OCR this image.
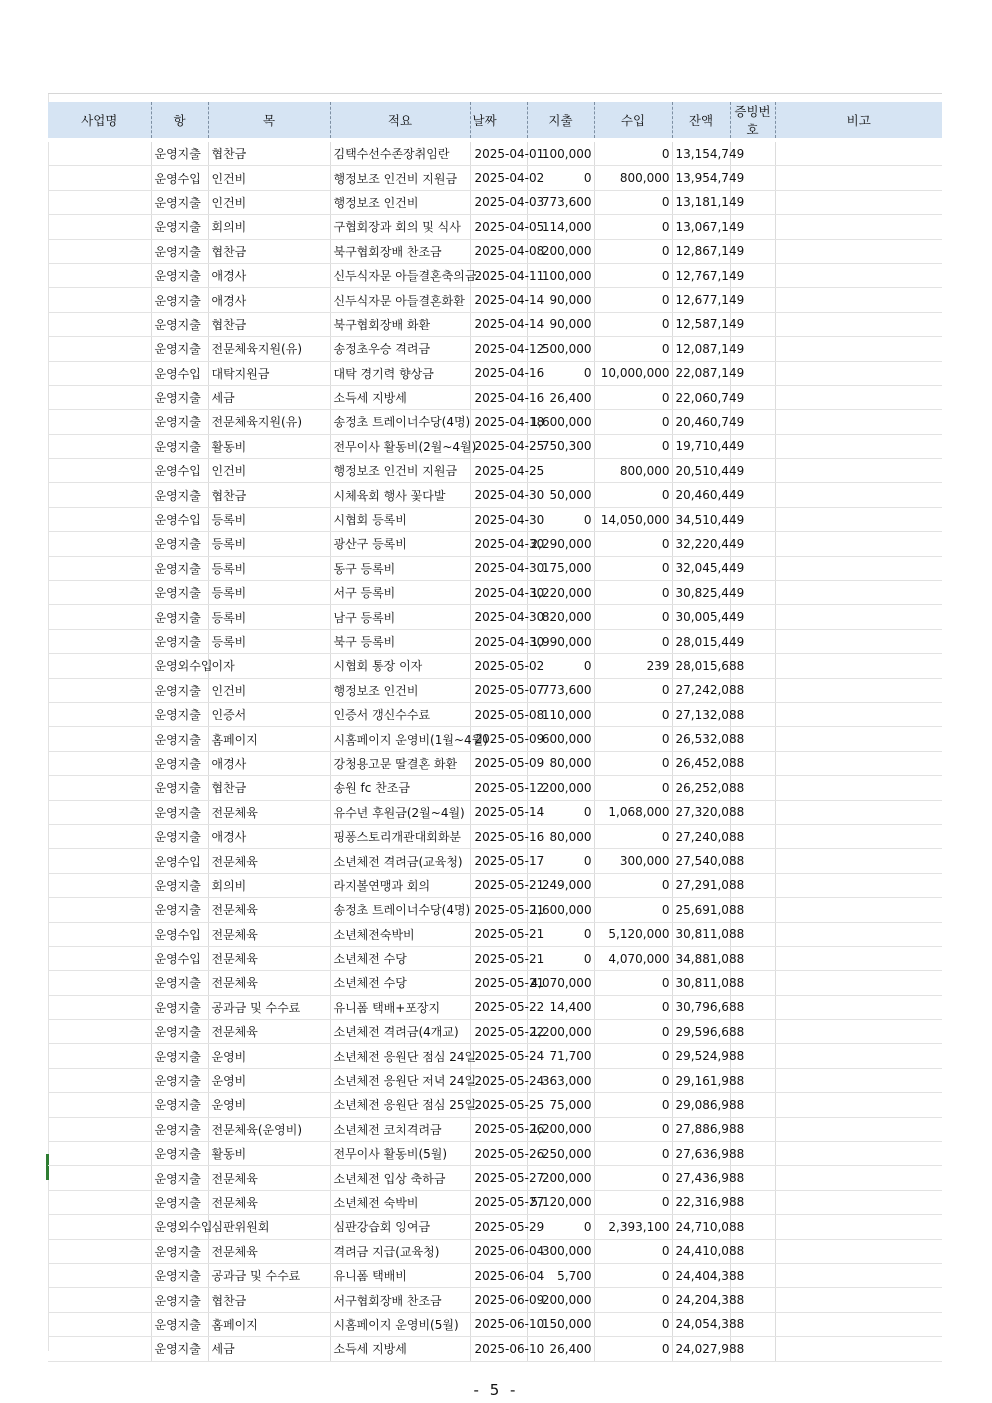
사업명	항	목	적요	날짜	지출	수입	잔액	증빙번호	비고
	운영지출	협찬금	김택수선수존장취임란	2025-04-01	100,000	0	13,154,749		
	운영수입	인건비	행정보조 인건비 지원금	2025-04-02	0	800,000	13,954,749		
	운영지출	인건비	행정보조 인건비	2025-04-03	773,600	0	13,181,149		
	운영지출	회의비	구협회장과 회의 및 식사	2025-04-05	114,000	0	13,067,149		
	운영지출	협찬금	북구협회장배 찬조금	2025-04-08	200,000	0	12,867,149		
	운영지출	애경사	신두식자문 아들결혼축의금	2025-04-11	100,000	0	12,767,149		
	운영지출	애경사	신두식자문 아들결혼화환	2025-04-14	90,000	0	12,677,149		
	운영지출	협찬금	북구협회장배 화환	2025-04-14	90,000	0	12,587,149		
	운영지출	전문체육지원(유)	송정초우승 격려금	2025-04-12	500,000	0	12,087,149		
	운영수입	대탁지원금	대탁 경기력 향상금	2025-04-16	0	10,000,000	22,087,149		
	운영지출	세금	소득세 지방세	2025-04-16	26,400	0	22,060,749		
	운영지출	전문체육지원(유)	송정초 트레이너수당(4명)	2025-04-18	1,600,000	0	20,460,749		
	운영지출	활동비	전무이사 활동비(2월~4월)	2025-04-25	750,300	0	19,710,449		
	운영수입	인건비	행정보조 인건비 지원금	2025-04-25		800,000	20,510,449		
	운영지출	협찬금	시체육회 행사 꽃다발	2025-04-30	50,000	0	20,460,449		
	운영수입	등록비	시협회 등록비	2025-04-30	0	14,050,000	34,510,449		
	운영지출	등록비	광산구 등록비	2025-04-30	2,290,000	0	32,220,449		
	운영지출	등록비	동구 등록비	2025-04-30	175,000	0	32,045,449		
	운영지출	등록비	서구 등록비	2025-04-30	1,220,000	0	30,825,449		
	운영지출	등록비	남구 등록비	2025-04-30	820,000	0	30,005,449		
	운영지출	등록비	북구 등록비	2025-04-30	1,990,000	0	28,015,449		
	운영외수입	이자	시협회 통장 이자	2025-05-02	0	239	28,015,688		
	운영지출	인건비	행정보조 인건비	2025-05-07	773,600	0	27,242,088		
	운영지출	인증서	인증서 갱신수수료	2025-05-08	110,000	0	27,132,088		
	운영지출	홈페이지	시홈페이지 운영비(1월~4월)	2025-05-09	600,000	0	26,532,088		
	운영지출	애경사	강청용고문 딸결혼 화환	2025-05-09	80,000	0	26,452,088		
	운영지출	협찬금	송원 fc 찬조금	2025-05-12	200,000	0	26,252,088		
	운영지출	전문체육	유수년 후원금(2월~4월)	2025-05-14	0	1,068,000	27,320,088		
	운영지출	애경사	핑퐁스토리개관대회화분	2025-05-16	80,000	0	27,240,088		
	운영수입	전문체육	소년체전 격려금(교육청)	2025-05-17	0	300,000	27,540,088		
	운영지출	회의비	라지볼연맹과 회의	2025-05-21	249,000	0	27,291,088		
	운영지출	전문체육	송정초 트레이너수당(4명)	2025-05-21	1,600,000	0	25,691,088		
	운영수입	전문체육	소년체전숙박비	2025-05-21	0	5,120,000	30,811,088		
	운영수입	전문체육	소년체전 수당	2025-05-21	0	4,070,000	34,881,088		
	운영지출	전문체육	소년체전 수당	2025-05-21	4,070,000	0	30,811,088		
	운영지출	공과금 및 수수료	유니폼 택배+포장지	2025-05-22	14,400	0	30,796,688		
	운영지출	전문체육	소년체전 격려금(4개교)	2025-05-22	1,200,000	0	29,596,688		
	운영지출	운영비	소년체전 응원단 점심 24일	2025-05-24	71,700	0	29,524,988		
	운영지출	운영비	소년체전 응원단 저녁 24일	2025-05-24	363,000	0	29,161,988		
	운영지출	운영비	소년체전 응원단 점심 25일	2025-05-25	75,000	0	29,086,988		
	운영지출	전문체육(운영비)	소년체전 코치격려금	2025-05-26	1,200,000	0	27,886,988		
	운영지출	활동비	전무이사 활동비(5월)	2025-05-26	250,000	0	27,636,988		
	운영지출	전문체육	소년체전 입상 축하금	2025-05-27	200,000	0	27,436,988		
	운영지출	전문체육	소년체전 숙박비	2025-05-27	5,120,000	0	22,316,988		
	운영외수입	심판위원회	심판강습회 잉여금	2025-05-29	0	2,393,100	24,710,088		
	운영지출	전문체육	격려금 지급(교육청)	2025-06-04	300,000	0	24,410,088		
	운영지출	공과금 및 수수료	유니폼 택배비	2025-06-04	5,700	0	24,404,388		
	운영지출	협찬금	서구협회장배 찬조금	2025-06-09	200,000	0	24,204,388		
	운영지출	홈페이지	시홈페이지 운영비(5월)	2025-06-10	150,000	0	24,054,388		
	운영지출	세금	소득세 지방세	2025-06-10	26,400	0	24,027,988		
- 5 -
